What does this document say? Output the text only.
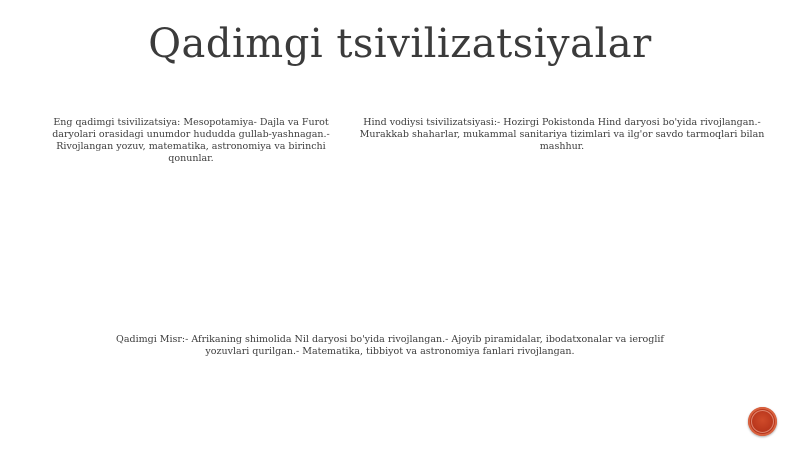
Qadimgi tsivilizatsiyalar
Eng qadimgi tsivilizatsiya: Mesopotamiya- Dajla va Furot daryolari orasidagi unumdor hududda gullab-yashnagan.- Rivojlangan yozuv, matematika, astronomiya va birinchi qonunlar.
Hind vodiysi tsivilizatsiyasi:- Hozirgi Pokistonda Hind daryosi bo'yida rivojlangan.- Murakkab shaharlar, mukammal sanitariya tizimlari va ilg'or savdo tarmoqlari bilan mashhur.
Qadimgi Misr:- Afrikaning shimolida Nil daryosi bo'yida rivojlangan.- Ajoyib piramidalar, ibodatxonalar va ieroglif yozuvlari qurilgan.- Matematika, tibbiyot va astronomiya fanlari rivojlangan.
